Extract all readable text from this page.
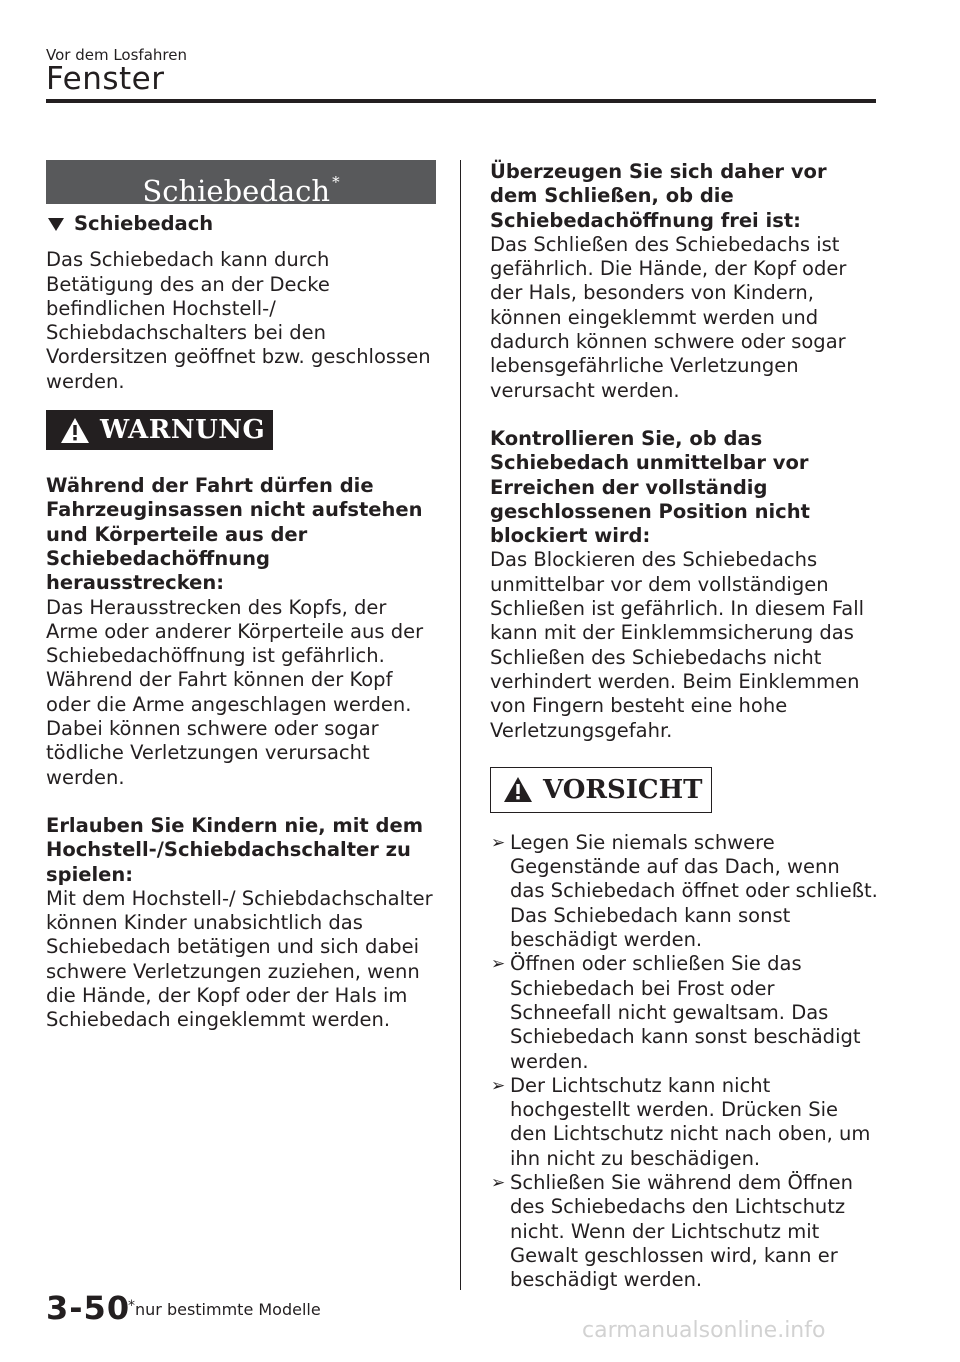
Vor dem Losfahren
Fenster
Schiebedach *
Schiebedach

Das Schiebedach kann durch Betätigung des an der Decke befindlichen Hochstell-/ Schiebdachschalters bei den Vordersitzen geöffnet bzw. geschlossen werden.

WARNUNG
Während der Fahrt dürfen die Fahrzeuginsassen nicht aufstehen und Körperteile aus der Schiebedachöffnung herausstrecken:

Das Herausstrecken des Kopfs, der Arme oder anderer Körperteile aus der Schiebedachöffnung ist gefährlich. Während der Fahrt können der Kopf oder die Arme angeschlagen werden. Dabei können schwere oder sogar tödliche Verletzungen verursacht werden.

Erlauben Sie Kindern nie, mit dem Hochstell-/Schiebdachschalter zu spielen:

Mit dem Hochstell-/ Schiebdachschalter können Kinder unabsichtlich das Schiebedach betätigen und sich dabei schwere Verletzungen zuziehen, wenn die Hände, der Kopf oder der Hals im Schiebedach eingeklemmt werden.

Überzeugen Sie sich daher vor dem Schließen, ob die Schiebedachöffnung frei ist:

Das Schließen des Schiebedachs ist gefährlich. Die Hände, der Kopf oder der Hals, besonders von Kindern, können eingeklemmt werden und dadurch können schwere oder sogar lebensgefährliche Verletzungen verursacht werden.

Kontrollieren Sie, ob das Schiebedach unmittelbar vor Erreichen der vollständig geschlossenen Position nicht blockiert wird:

Das Blockieren des Schiebedachs unmittelbar vor dem vollständigen Schließen ist gefährlich. In diesem Fall kann mit der Einklemmsicherung das Schließen des Schiebedachs nicht verhindert werden. Beim Einklemmen von Fingern besteht eine hohe Verletzungsgefahr.

VORSICHT
➢ Legen Sie niemals schwere Gegenstände auf das Dach, wenn das Schiebedach öffnet oder schließt. Das Schiebedach kann sonst beschädigt werden.
➢ Öffnen oder schließen Sie das Schiebedach bei Frost oder Schneefall nicht gewaltsam. Das Schiebedach kann sonst beschädigt werden.
➢ Der Lichtschutz kann nicht hochgestellt werden. Drücken Sie den Lichtschutz nicht nach oben, um ihn nicht zu beschädigen.
➢ Schließen Sie während dem Öffnen des Schiebedachs den Lichtschutz nicht. Wenn der Lichtschutz mit Gewalt geschlossen wird, kann er beschädigt werden.
3-50
*nur bestimmte Modelle
carmanualsonline.info
